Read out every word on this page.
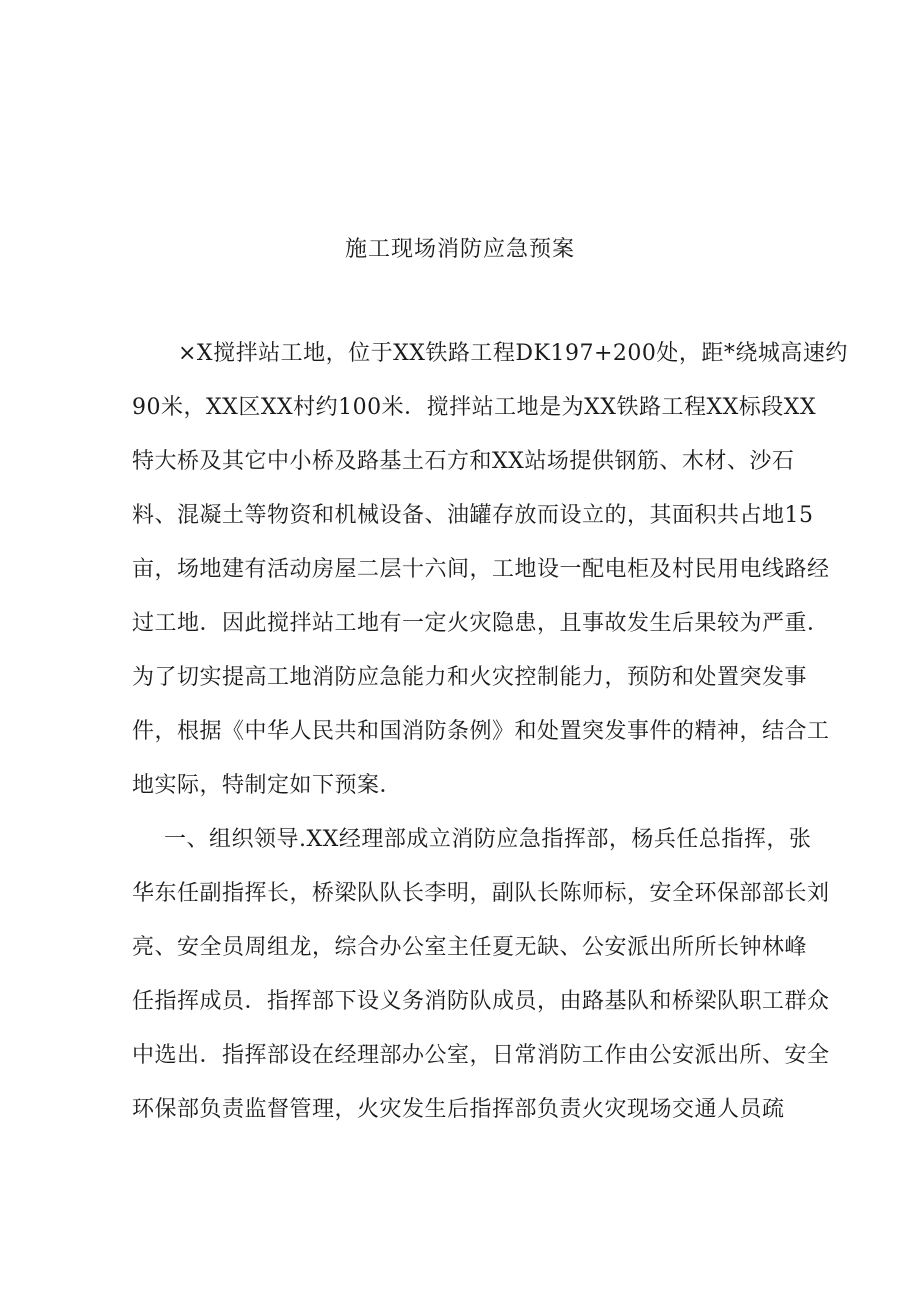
施工现场消防应急预案
×X搅拌站工地，位于XX铁路工程DK197+200处，距*绕城高速约
90米，XX区XX村约100米．搅拌站工地是为XX铁路工程XX标段XX
特大桥及其它中小桥及路基土石方和XX站场提供钢筋、木材、沙石
料、混凝土等物资和机械设备、油罐存放而设立的，其面积共占地15
亩，场地建有活动房屋二层十六间，工地设一配电柜及村民用电线路经
过工地．因此搅拌站工地有一定火灾隐患，且事故发生后果较为严重．
为了切实提高工地消防应急能力和火灾控制能力，预防和处置突发事
件，根据《中华人民共和国消防条例》和处置突发事件的精神，结合工
地实际，特制定如下预案．
一、组织领导.XX经理部成立消防应急指挥部，杨兵任总指挥，张
华东任副指挥长，桥梁队队长李明，副队长陈师标，安全环保部部长刘
亮、安全员周组龙，综合办公室主任夏无缺、公安派出所所长钟林峰
任指挥成员．指挥部下设义务消防队成员，由路基队和桥梁队职工群众
中选出．指挥部设在经理部办公室，日常消防工作由公安派出所、安全
环保部负责监督管理，火灾发生后指挥部负责火灾现场交通人员疏
